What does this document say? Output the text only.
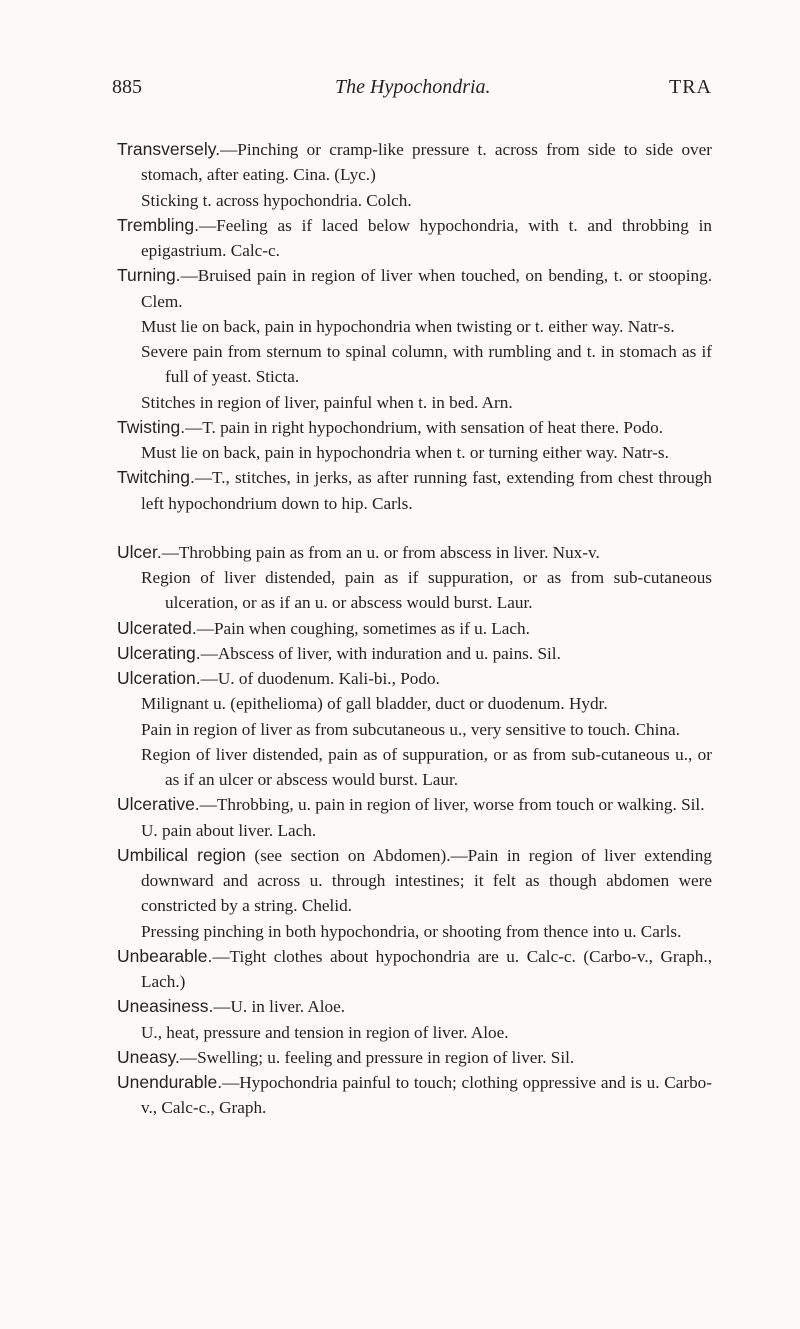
885	The Hypochondria.	TRA

Transversely.—Pinching or cramp-like pressure t. across from side to side over stomach, after eating. Cina. (Lyc.)

Sticking t. across hypochondria. Colch.

Trembling.—Feeling as if laced below hypochondria, with t. and throbbing in epigastrium. Calc-c.

Turning.—Bruised pain in region of liver when touched, on bending, t. or stooping. Clem.

Must lie on back, pain in hypochondria when twisting or t. either way. Natr-s.

Severe pain from sternum to spinal column, with rumbling and t. in stomach as if full of yeast. Sticta.

Stitches in region of liver, painful when t. in bed. Arn.

Twisting.—T. pain in right hypochondrium, with sensation of heat there. Podo.

Must lie on back, pain in hypochondria when t. or turning either way. Natr-s.

Twitching.—T., stitches, in jerks, as after running fast, extending from chest through left hypochondrium down to hip. Carls.

Ulcer.—Throbbing pain as from an u. or from abscess in liver. Nux-v.

Region of liver distended, pain as if suppuration, or as from sub-cutaneous ulceration, or as if an u. or abscess would burst. Laur.

Ulcerated.—Pain when coughing, sometimes as if u. Lach.

Ulcerating.—Abscess of liver, with induration and u. pains. Sil.

Ulceration.—U. of duodenum. Kali-bi., Podo.

Milignant u. (epithelioma) of gall bladder, duct or duodenum. Hydr.

Pain in region of liver as from subcutaneous u., very sensitive to touch. China.

Region of liver distended, pain as of suppuration, or as from sub-cutaneous u., or as if an ulcer or abscess would burst. Laur.

Ulcerative.—Throbbing, u. pain in region of liver, worse from touch or walking. Sil.

U. pain about liver. Lach.

Umbilical region (see section on Abdomen).—Pain in region of liver extending downward and across u. through intestines; it felt as though abdomen were constricted by a string. Chelid.

Pressing pinching in both hypochondria, or shooting from thence into u. Carls.

Unbearable.—Tight clothes about hypochondria are u. Calc-c. (Carbo-v., Graph., Lach.)

Uneasiness.—U. in liver. Aloe.

U., heat, pressure and tension in region of liver. Aloe.

Uneasy.—Swelling; u. feeling and pressure in region of liver. Sil.

Unendurable.—Hypochondria painful to touch; clothing oppressive and is u. Carbo-v., Calc-c., Graph.
